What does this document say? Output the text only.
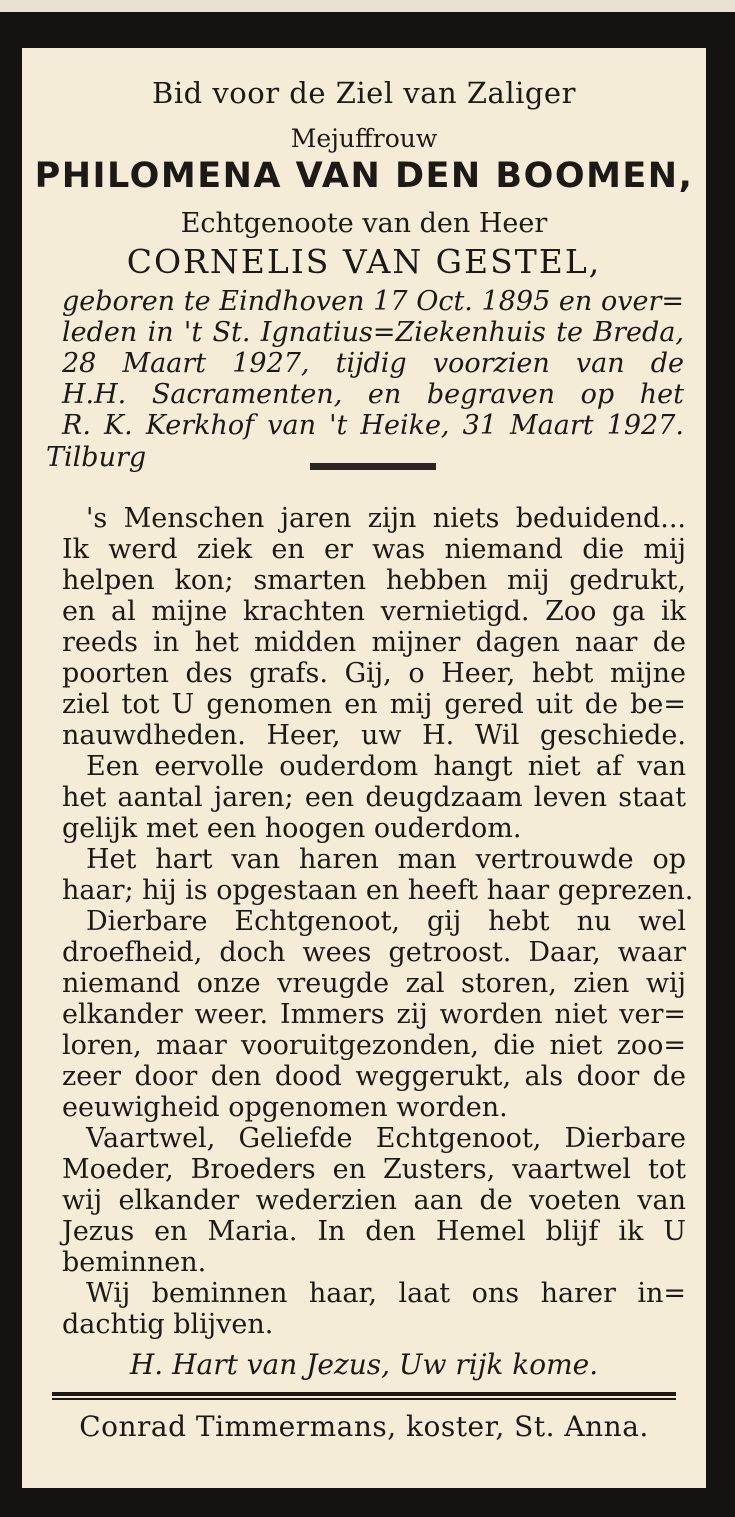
Bid voor de Ziel van Zaliger
Mejuffrouw
PHILOMENA VAN DEN BOOMEN,
Echtgenoote van den Heer
CORNELIS VAN GESTEL,
geboren te Eindhoven 17 Oct. 1895 en over=
leden in 't St. Ignatius=Ziekenhuis te Breda,
28 Maart 1927, tijdig voorzien van de
H.H. Sacramenten, en begraven op het
R. K. Kerkhof van 't Heike, 31 Maart 1927.
Tilburg
's Menschen jaren zijn niets beduidend...
Ik werd ziek en er was niemand die mij
helpen kon; smarten hebben mij gedrukt,
en al mijne krachten vernietigd. Zoo ga ik
reeds in het midden mijner dagen naar de
poorten des grafs. Gij, o Heer, hebt mijne
ziel tot U genomen en mij gered uit de be=
nauwdheden. Heer, uw H. Wil geschiede.
Een eervolle ouderdom hangt niet af van
het aantal jaren; een deugdzaam leven staat
gelijk met een hoogen ouderdom.
Het hart van haren man vertrouwde op
haar; hij is opgestaan en heeft haar geprezen.
Dierbare Echtgenoot, gij hebt nu wel
droefheid, doch wees getroost. Daar, waar
niemand onze vreugde zal storen, zien wij
elkander weer. Immers zij worden niet ver=
loren, maar vooruitgezonden, die niet zoo=
zeer door den dood weggerukt, als door de
eeuwigheid opgenomen worden.
Vaartwel, Geliefde Echtgenoot, Dierbare
Moeder, Broeders en Zusters, vaartwel tot
wij elkander wederzien aan de voeten van
Jezus en Maria. In den Hemel blijf ik U
beminnen.
Wij beminnen haar, laat ons harer in=
dachtig blijven.
H. Hart van Jezus, Uw rijk kome.
Conrad Timmermans, koster, St. Anna.
